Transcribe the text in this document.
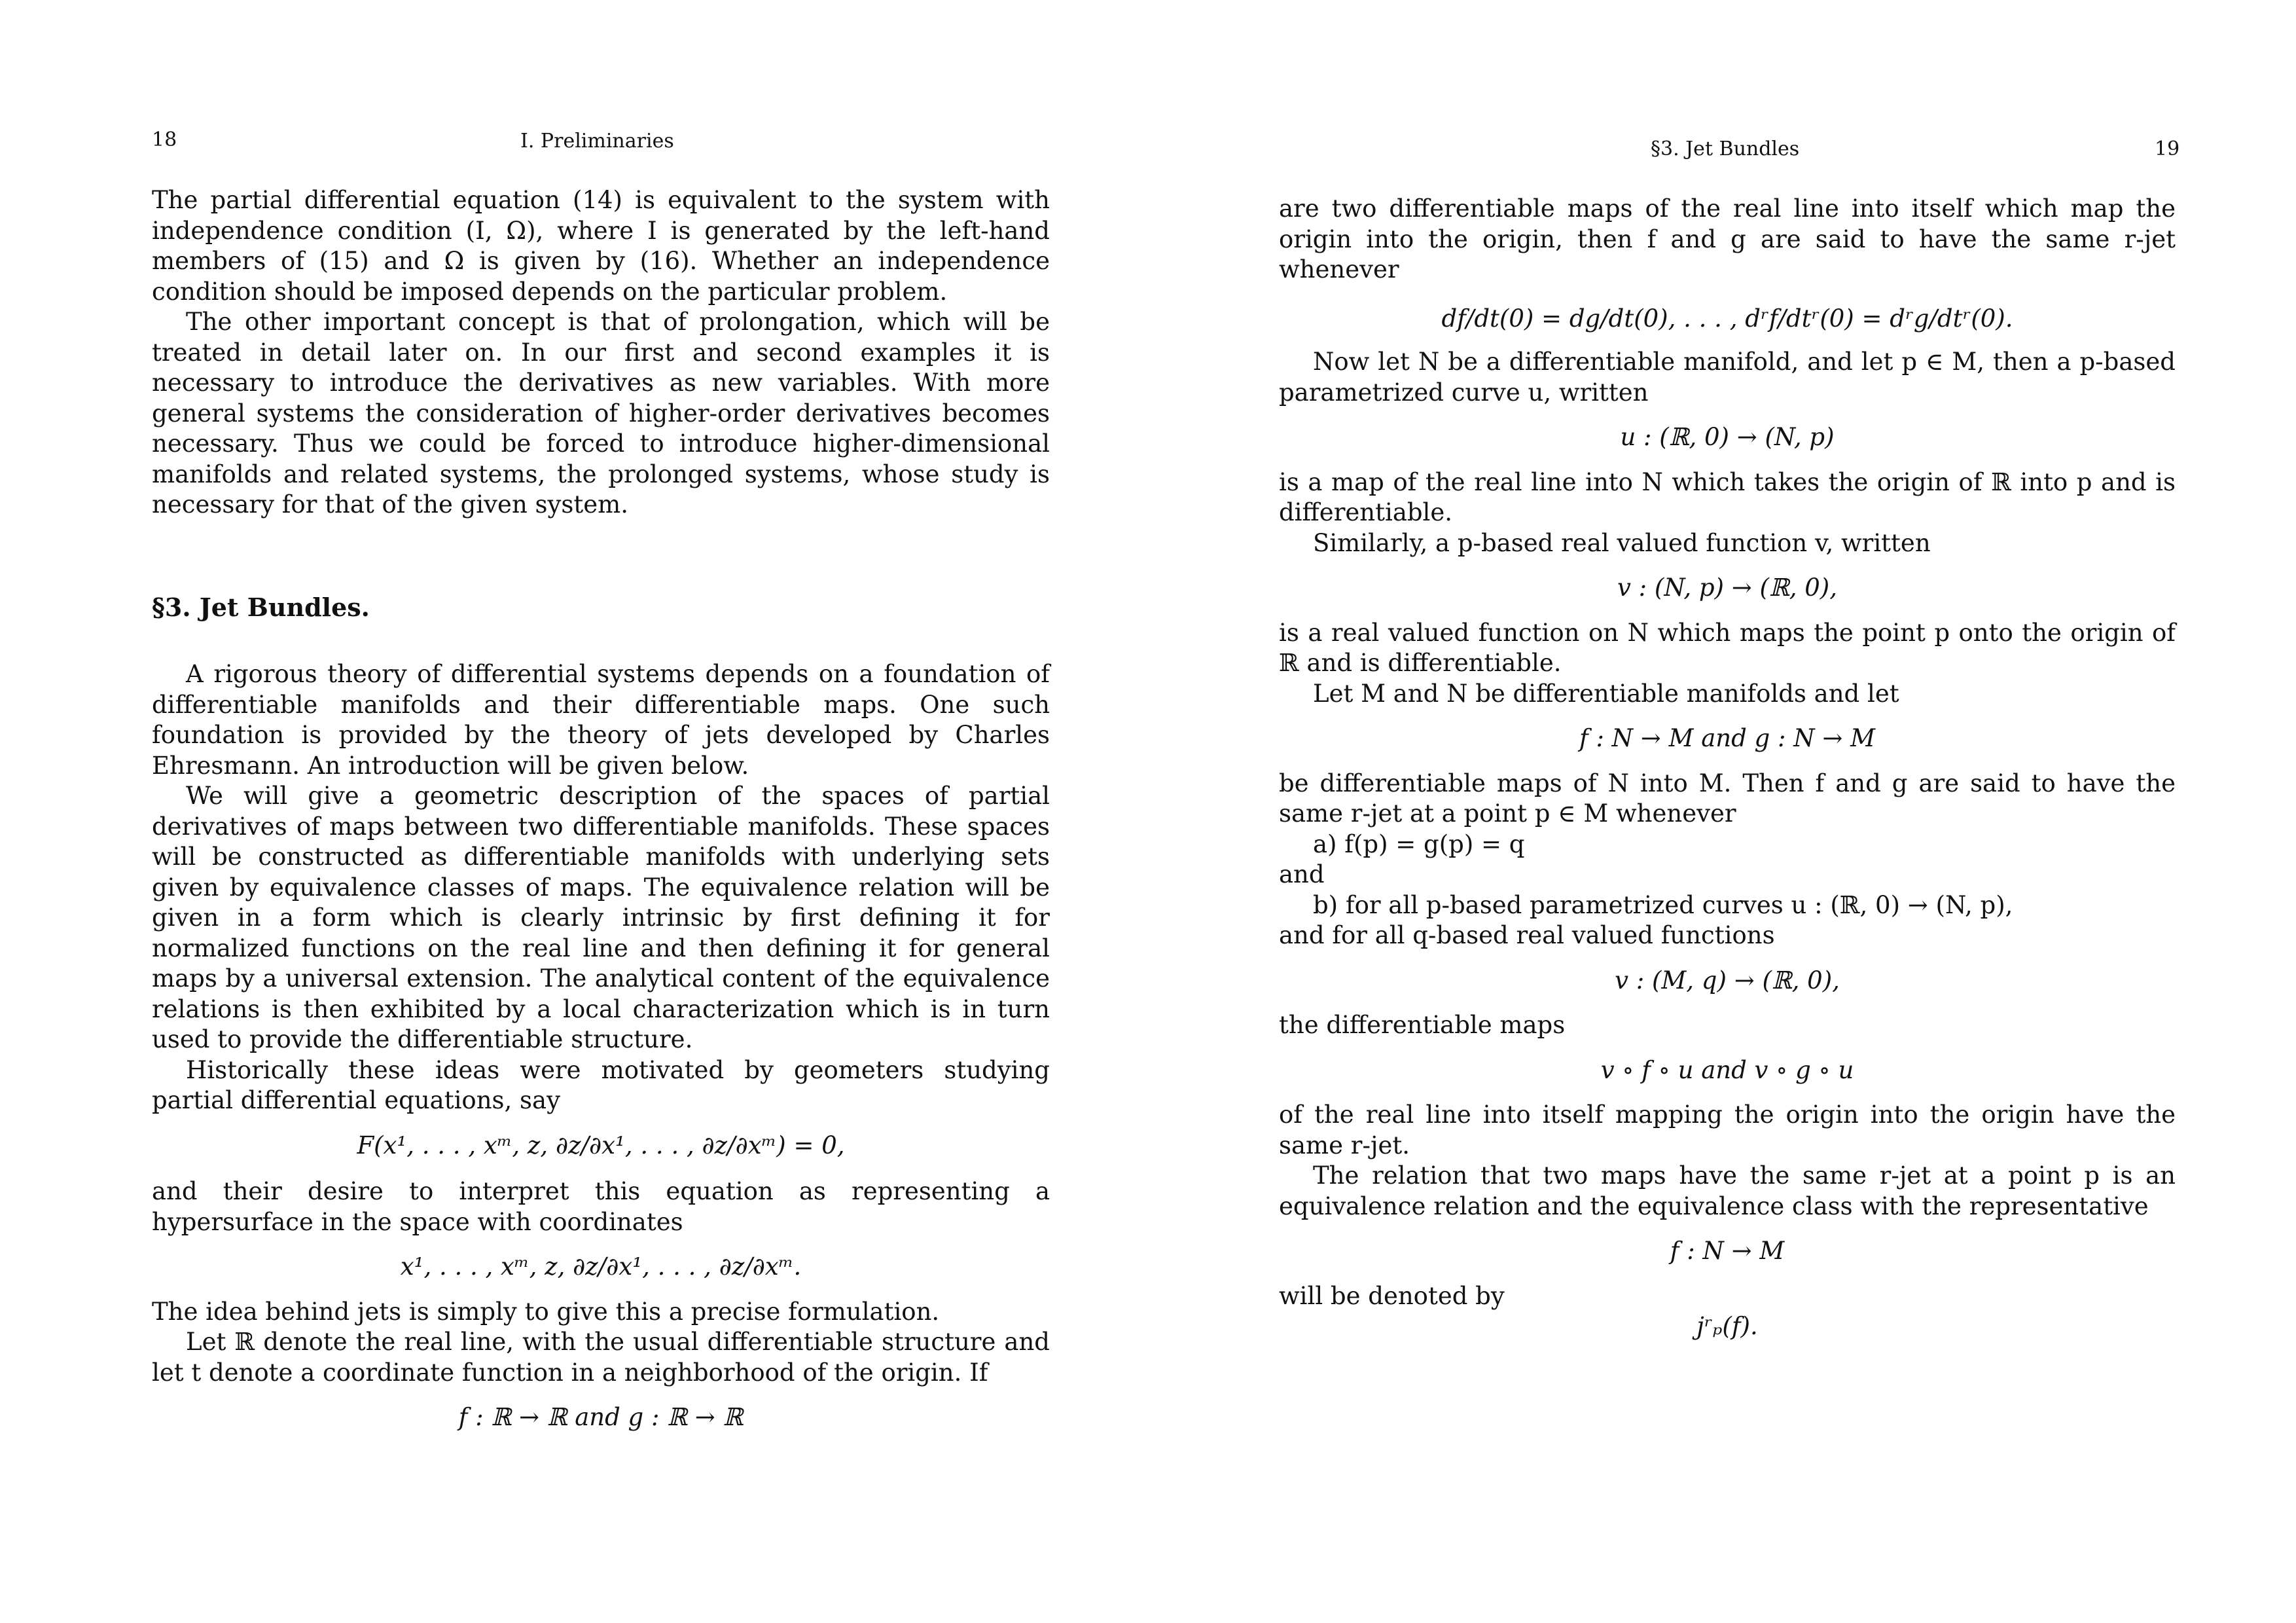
18	I. Preliminaries

The partial differential equation (14) is equivalent to the system with independence condition (I, Ω), where I is generated by the left-hand members of (15) and Ω is given by (16). Whether an independence condition should be imposed depends on the particular problem.

The other important concept is that of prolongation, which will be treated in detail later on. In our first and second examples it is necessary to introduce the derivatives as new variables. With more general systems the consideration of higher-order derivatives becomes necessary. Thus we could be forced to introduce higher-dimensional manifolds and related systems, the prolonged systems, whose study is necessary for that of the given system.

§3. Jet Bundles.

A rigorous theory of differential systems depends on a foundation of differentiable manifolds and their differentiable maps. One such foundation is provided by the theory of jets developed by Charles Ehresmann. An introduction will be given below.

We will give a geometric description of the spaces of partial derivatives of maps between two differentiable manifolds. These spaces will be constructed as differentiable manifolds with underlying sets given by equivalence classes of maps. The equivalence relation will be given in a form which is clearly intrinsic by first defining it for normalized functions on the real line and then defining it for general maps by a universal extension. The analytical content of the equivalence relations is then exhibited by a local characterization which is in turn used to provide the differentiable structure.

Historically these ideas were motivated by geometers studying partial differential equations, say

F(x¹, . . . , xᵐ, z, ∂z/∂x¹, . . . , ∂z/∂xᵐ) = 0,

and their desire to interpret this equation as representing a hypersurface in the space with coordinates

x¹, . . . , xᵐ, z, ∂z/∂x¹, . . . , ∂z/∂xᵐ.

The idea behind jets is simply to give this a precise formulation.

Let ℝ denote the real line, with the usual differentiable structure and let t denote a coordinate function in a neighborhood of the origin. If

f : ℝ → ℝ and g : ℝ → ℝ

§3. Jet Bundles	19

are two differentiable maps of the real line into itself which map the origin into the origin, then f and g are said to have the same r-jet whenever

df/dt(0) = dg/dt(0), . . . , dʳf/dtʳ(0) = dʳg/dtʳ(0).

Now let N be a differentiable manifold, and let p ∈ M, then a p-based parametrized curve u, written

u : (ℝ, 0) → (N, p)

is a map of the real line into N which takes the origin of ℝ into p and is differentiable.

Similarly, a p-based real valued function v, written

v : (N, p) → (ℝ, 0),

is a real valued function on N which maps the point p onto the origin of ℝ and is differentiable.

Let M and N be differentiable manifolds and let

f : N → M and g : N → M

be differentiable maps of N into M. Then f and g are said to have the same r-jet at a point p ∈ M whenever

a) f(p) = g(p) = q

and

b) for all p-based parametrized curves u : (ℝ, 0) → (N, p),

and for all q-based real valued functions

v : (M, q) → (ℝ, 0),

the differentiable maps

v ∘ f ∘ u and v ∘ g ∘ u

of the real line into itself mapping the origin into the origin have the same r-jet.

The relation that two maps have the same r-jet at a point p is an equivalence relation and the equivalence class with the representative

f : N → M

will be denoted by

jʳₚ(f).
